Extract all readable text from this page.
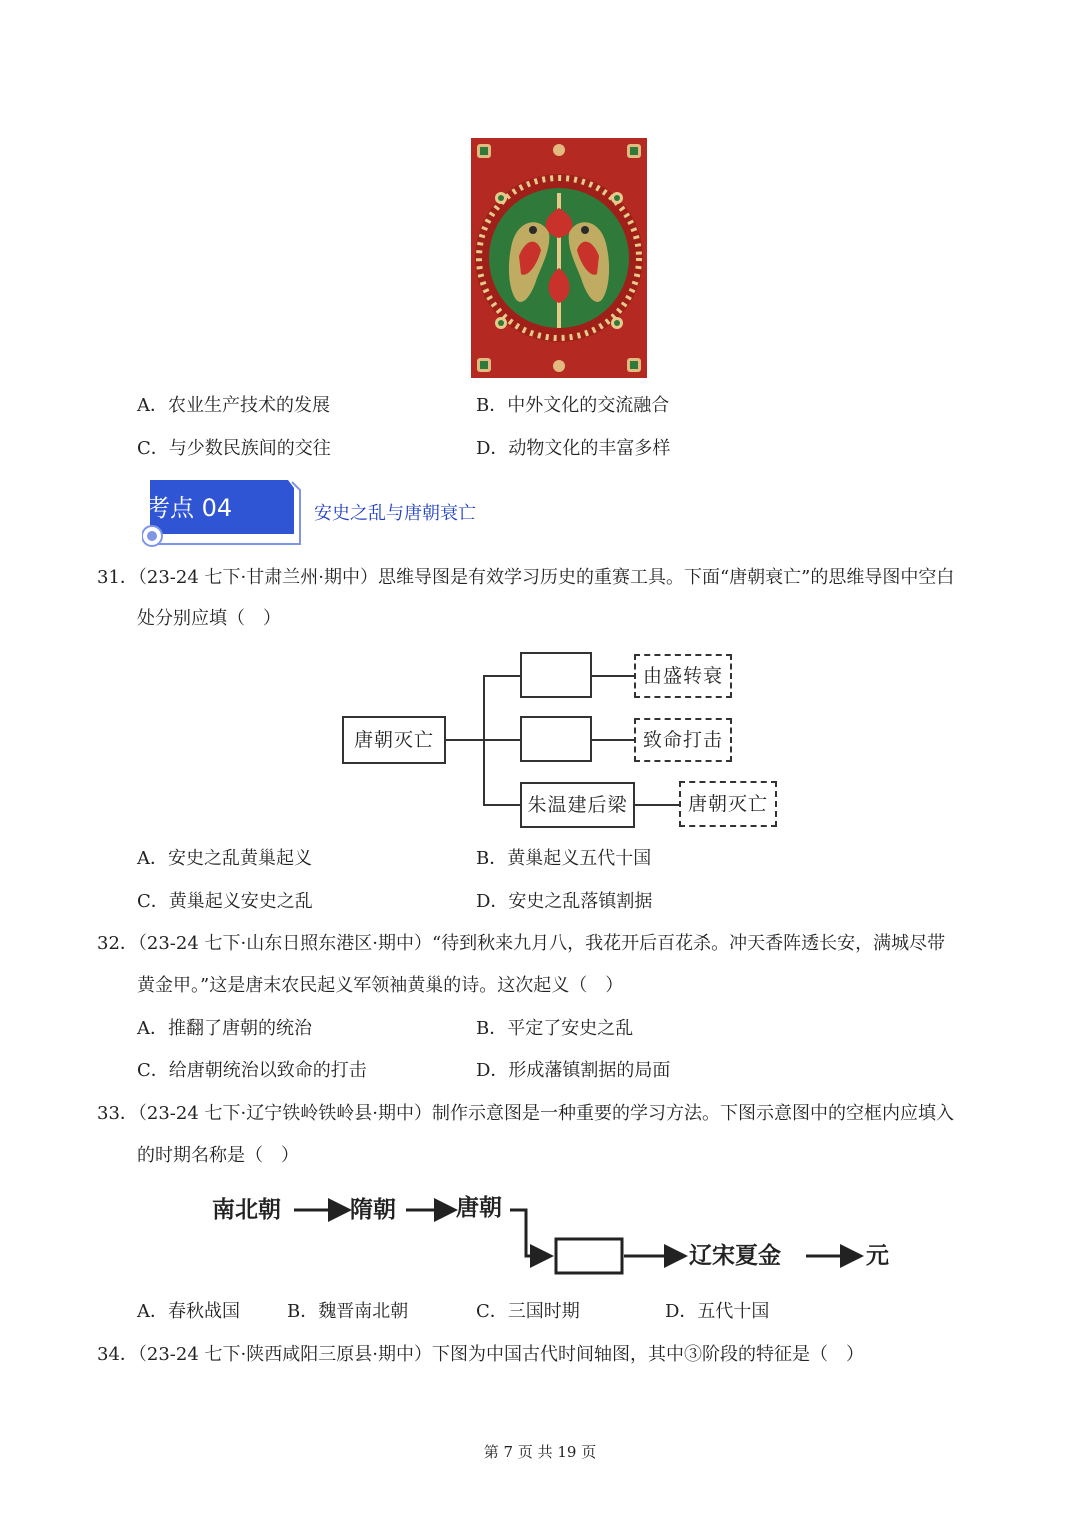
A．农业生产技术的发展	B．中外文化的交流融合
C．与少数民族间的交往	D．动物文化的丰富多样
考点 04	安史之乱与唐朝衰亡
31．（23-24 七下·甘肃兰州·期中）思维导图是有效学习历史的重赛工具。下面“唐朝衰亡”的思维导图中空白
处分别应填（　）
唐朝灭亡
朱温建后梁
由盛转衰
致命打击
唐朝灭亡
A．安史之乱黄巢起义	B．黄巢起义五代十国
C．黄巢起义安史之乱	D．安史之乱落镇割据
32．（23-24 七下·山东日照东港区·期中）“待到秋来九月八，我花开后百花杀。冲天香阵透长安，满城尽带
黄金甲。”这是唐末农民起义军领袖黄巢的诗。这次起义（　）
A．推翻了唐朝的统治	B．平定了安史之乱
C．给唐朝统治以致命的打击	D．形成藩镇割据的局面
33．（23-24 七下·辽宁铁岭铁岭县·期中）制作示意图是一种重要的学习方法。下图示意图中的空框内应填入
的时期名称是（　）
南北朝	隋朝	唐朝
辽宋夏金	元
A．春秋战国	B．魏晋南北朝	C．三国时期	D．五代十国
34．（23-24 七下·陕西咸阳三原县·期中）下图为中国古代时间轴图，其中③阶段的特征是（　）
第 7 页 共 19 页
